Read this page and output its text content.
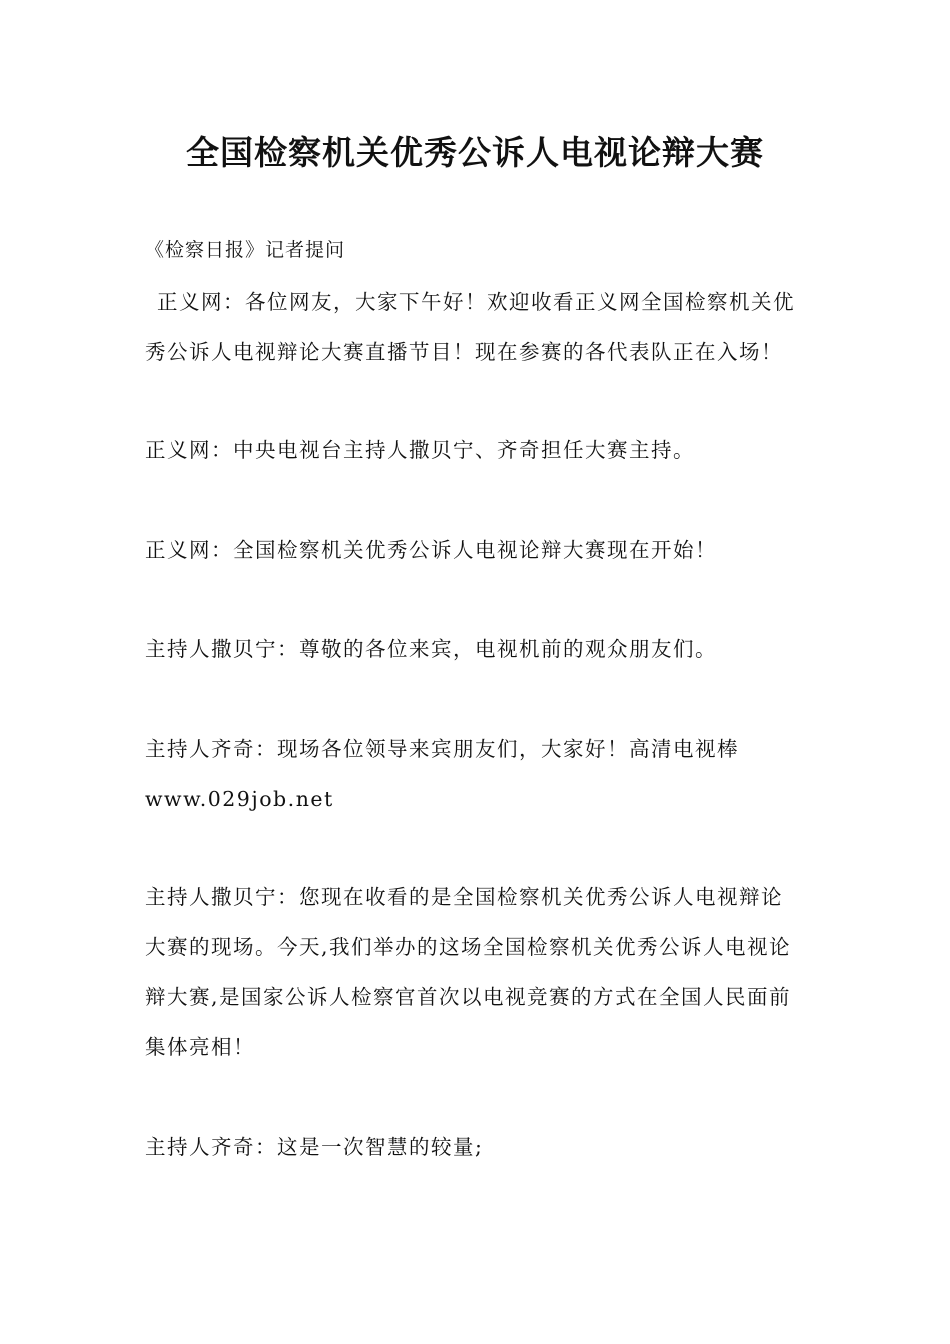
全国检察机关优秀公诉人电视论辩大赛
《检察日报》记者提问
正义网：各位网友，大家下午好！欢迎收看正义网全国检察机关优
秀公诉人电视辩论大赛直播节目！现在参赛的各代表队正在入场！
正义网：中央电视台主持人撒贝宁、齐奇担任大赛主持。
正义网：全国检察机关优秀公诉人电视论辩大赛现在开始！
主持人撒贝宁：尊敬的各位来宾，电视机前的观众朋友们。
主持人齐奇：现场各位领导来宾朋友们，大家好！高清电视棒
www.029job.net
主持人撒贝宁：您现在收看的是全国检察机关优秀公诉人电视辩论
大赛的现场。今天,我们举办的这场全国检察机关优秀公诉人电视论
辩大赛,是国家公诉人检察官首次以电视竞赛的方式在全国人民面前
集体亮相！
主持人齐奇：这是一次智慧的较量;
